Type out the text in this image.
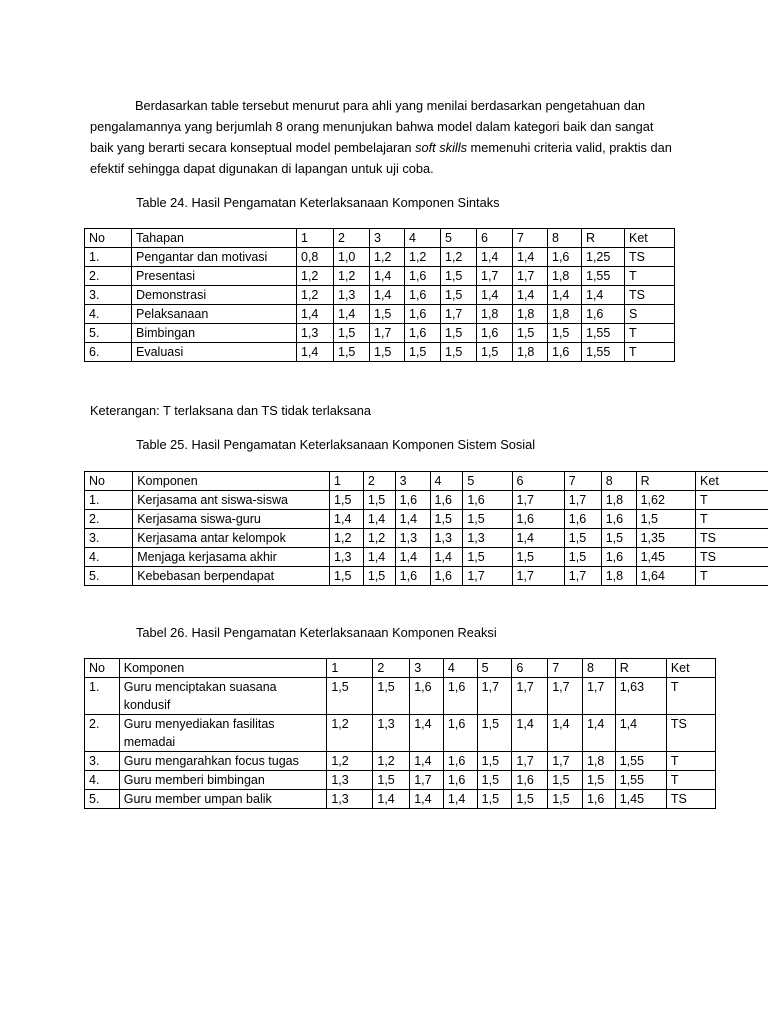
Berdasarkan table tersebut menurut para ahli yang menilai berdasarkan pengetahuan dan pengalamannya yang berjumlah 8 orang menunjukan bahwa model dalam kategori baik dan sangat baik yang berarti secara konseptual model pembelajaran soft skills memenuhi criteria valid, praktis dan efektif sehingga dapat digunakan di lapangan untuk uji coba.

Table 24. Hasil Pengamatan Keterlaksanaan Komponen Sintaks

No	Tahapan	1	2	3	4	5	6	7	8	R	Ket
1.	Pengantar dan motivasi	0,8	1,0	1,2	1,2	1,2	1,4	1,4	1,6	1,25	TS
2.	Presentasi	1,2	1,2	1,4	1,6	1,5	1,7	1,7	1,8	1,55	T
3.	Demonstrasi	1,2	1,3	1,4	1,6	1,5	1,4	1,4	1,4	1,4	TS
4.	Pelaksanaan	1,4	1,4	1,5	1,6	1,7	1,8	1,8	1,8	1,6	S
5.	Bimbingan	1,3	1,5	1,7	1,6	1,5	1,6	1,5	1,5	1,55	T
6.	Evaluasi	1,4	1,5	1,5	1,5	1,5	1,5	1,8	1,6	1,55	T

Keterangan: T terlaksana dan TS tidak terlaksana

Table 25. Hasil Pengamatan Keterlaksanaan Komponen Sistem Sosial

No	Komponen	1	2	3	4	5	6	7	8	R	Ket
1.	Kerjasama ant siswa-siswa	1,5	1,5	1,6	1,6	1,6	1,7	1,7	1,8	1,62	T
2.	Kerjasama siswa-guru	1,4	1,4	1,4	1,5	1,5	1,6	1,6	1,6	1,5	T
3.	Kerjasama antar kelompok	1,2	1,2	1,3	1,3	1,3	1,4	1,5	1,5	1,35	TS
4.	Menjaga kerjasama akhir	1,3	1,4	1,4	1,4	1,5	1,5	1,5	1,6	1,45	TS
5.	Kebebasan berpendapat	1,5	1,5	1,6	1,6	1,7	1,7	1,7	1,8	1,64	T

Tabel 26. Hasil Pengamatan Keterlaksanaan Komponen Reaksi

No	Komponen	1	2	3	4	5	6	7	8	R	Ket
1.	Guru menciptakan suasana kondusif	1,5	1,5	1,6	1,6	1,7	1,7	1,7	1,7	1,63	T
2.	Guru menyediakan fasilitas memadai	1,2	1,3	1,4	1,6	1,5	1,4	1,4	1,4	1,4	TS
3.	Guru mengarahkan focus tugas	1,2	1,2	1,4	1,6	1,5	1,7	1,7	1,8	1,55	T
4.	Guru memberi bimbingan	1,3	1,5	1,7	1,6	1,5	1,6	1,5	1,5	1,55	T
5.	Guru member umpan balik	1,3	1,4	1,4	1,4	1,5	1,5	1,5	1,6	1,45	TS
